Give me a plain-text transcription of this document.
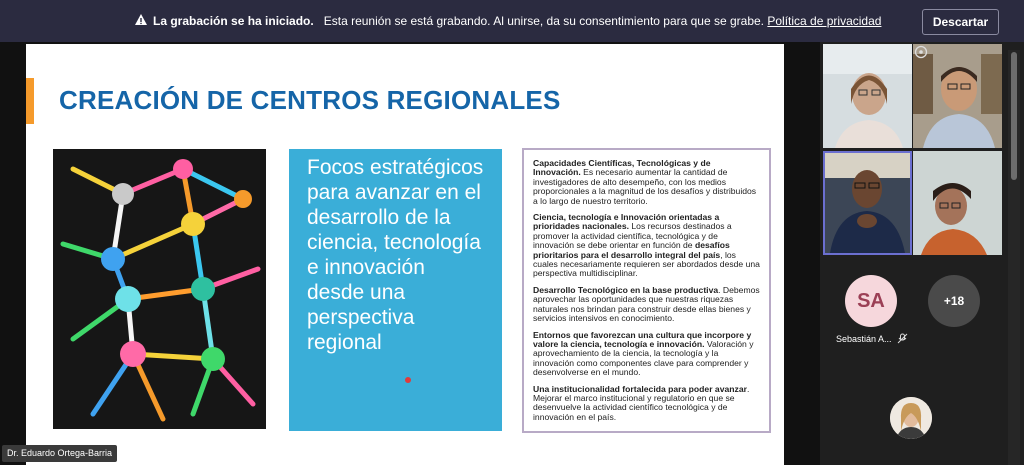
La grabación se ha iniciado. Esta reunión se está grabando. Al unirse, da su consentimiento para que se grabe. Política de privacidad	Descartar
CREACIÓN DE CENTROS REGIONALES
Focos estratégicos para avanzar en el desarrollo de la ciencia, tecnología e innovación desde una perspectiva regional

Capacidades Científicas, Tecnológicas y de Innovación. Es necesario aumentar la cantidad de investigadores de alto desempeño, con los medios proporcionales a la magnitud de los desafíos y distribuidos a lo largo de nuestro territorio.

Ciencia, tecnología e Innovación orientadas a prioridades nacionales. Los recursos destinados a promover la actividad científica, tecnológica y de innovación se debe orientar en función de desafíos prioritarios para el desarrollo integral del país, los cuales necesariamente requieren ser abordados desde una perspectiva multidisciplinar.

Desarrollo Tecnológico en la base productiva. Debemos aprovechar las oportunidades que nuestras riquezas naturales nos brindan para construir desde ellas bienes y servicios intensivos en conocimiento.

Entornos que favorezcan una cultura que incorpore y valore la ciencia, tecnología e innovación. Valoración y aprovechamiento de la ciencia, la tecnología y la innovación como componentes clave para comprender y desenvolverse en el mundo.

Una institucionalidad fortalecida para poder avanzar. Mejorar el marco institucional y regulatorio en que se desenvuelve la actividad científico tecnológica y de innovación en el país.

Dr. Eduardo Ortega-Barria
SA	+18
Sebastián A...
